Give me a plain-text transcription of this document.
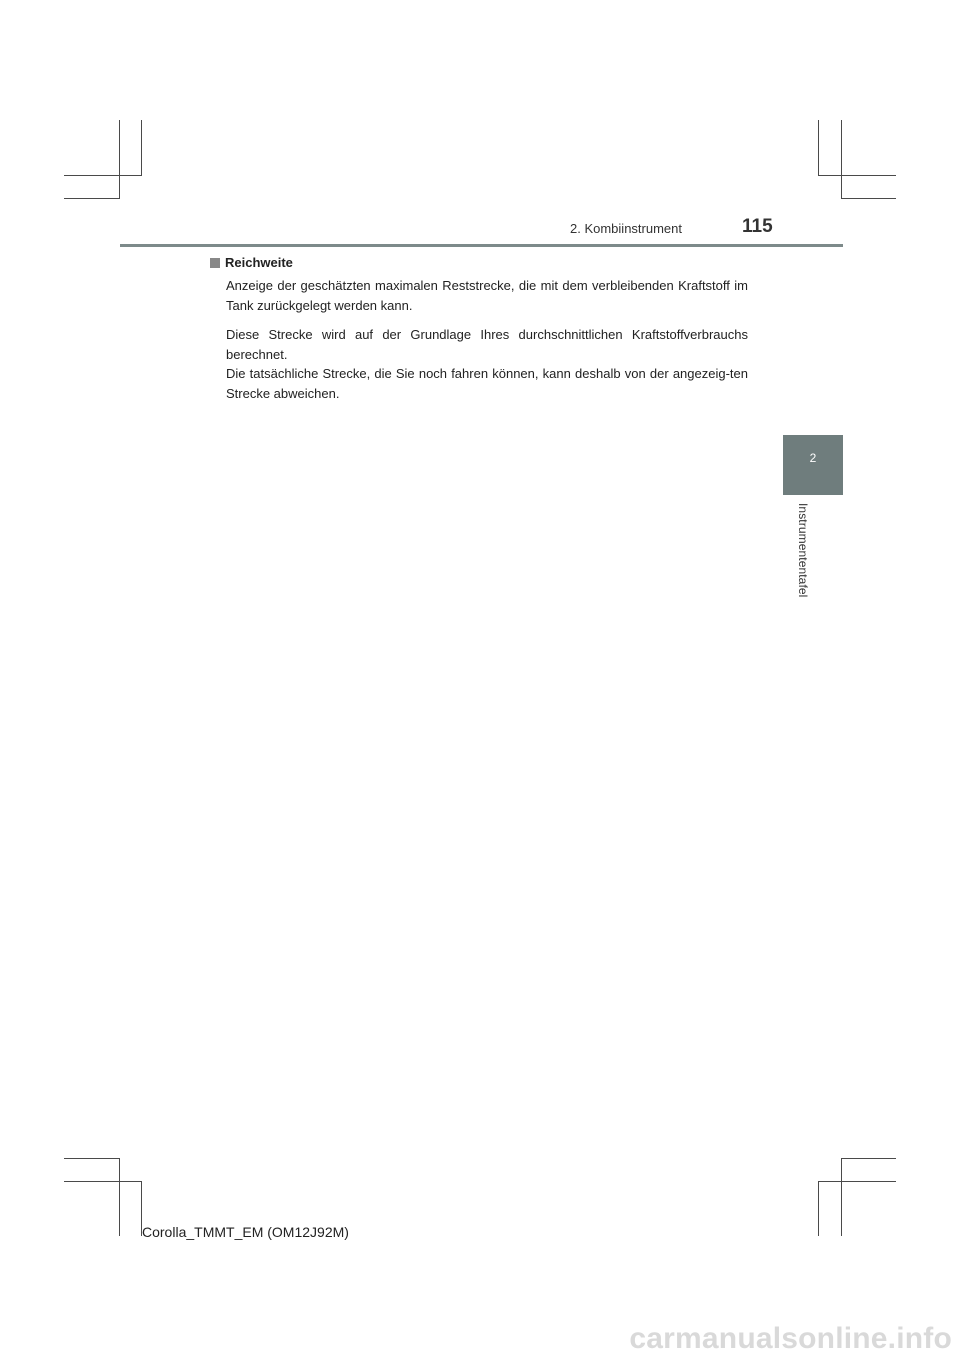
2. Kombiinstrument	115
2
Instrumententafel
Reichweite

Anzeige der geschätzten maximalen Reststrecke, die mit dem verbleibenden Kraftstoff im Tank zurückgelegt werden kann.

Diese Strecke wird auf der Grundlage Ihres durchschnittlichen Kraftstoffverbrauchs berechnet.

Die tatsächliche Strecke, die Sie noch fahren können, kann deshalb von der angezeig-ten Strecke abweichen.

Corolla_TMMT_EM (OM12J92M)
carmanualsonline.info
